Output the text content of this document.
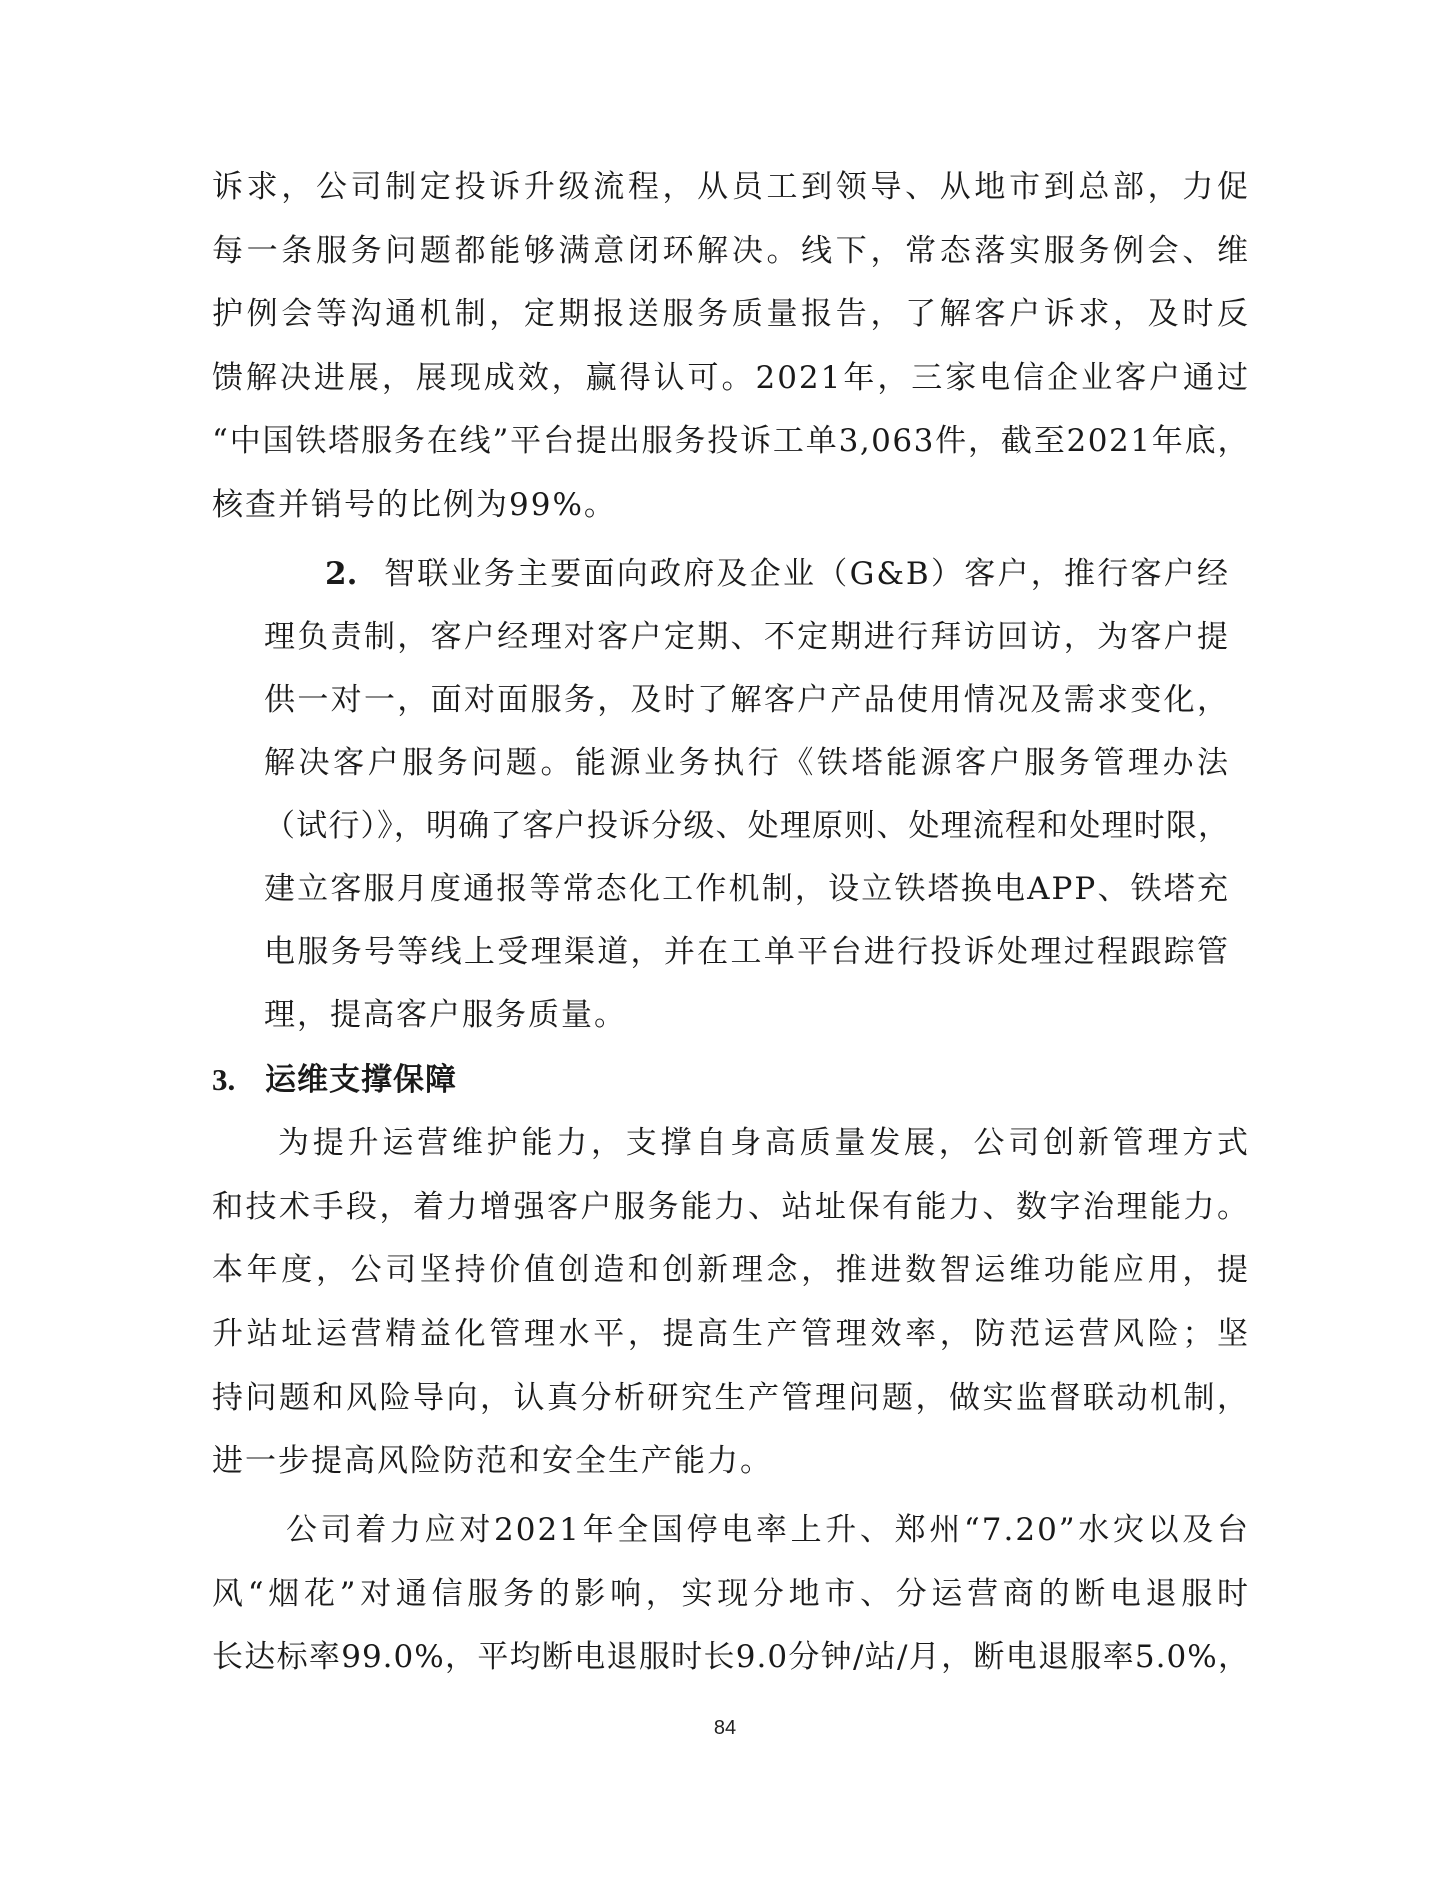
诉求，公司制定投诉升级流程，从员工到领导、从地市到总部，力促
每一条服务问题都能够满意闭环解决。线下，常态落实服务例会、维
护例会等沟通机制，定期报送服务质量报告，了解客户诉求，及时反
馈解决进展，展现成效，赢得认可。2021年，三家电信企业客户通过
“中国铁塔服务在线”平台提出服务投诉工单3,063件，截至2021年底，
核查并销号的比例为99%。
2. 智联业务主要面向政府及企业（G&B）客户，推行客户经
理负责制，客户经理对客户定期、不定期进行拜访回访，为客户提
供一对一，面对面服务，及时了解客户产品使用情况及需求变化，
解决客户服务问题。能源业务执行《铁塔能源客户服务管理办法
（试行）》，明确了客户投诉分级、处理原则、处理流程和处理时限，
建立客服月度通报等常态化工作机制，设立铁塔换电APP、铁塔充
电服务号等线上受理渠道，并在工单平台进行投诉处理过程跟踪管
理，提高客户服务质量。
3. 运维支撑保障
为提升运营维护能力，支撑自身高质量发展，公司创新管理方式
和技术手段，着力增强客户服务能力、站址保有能力、数字治理能力。
本年度，公司坚持价值创造和创新理念，推进数智运维功能应用，提
升站址运营精益化管理水平，提高生产管理效率，防范运营风险；坚
持问题和风险导向，认真分析研究生产管理问题，做实监督联动机制，
进一步提高风险防范和安全生产能力。
公司着力应对2021年全国停电率上升、郑州“7.20”水灾以及台
风“烟花”对通信服务的影响，实现分地市、分运营商的断电退服时
长达标率99.0%，平均断电退服时长9.0分钟/站/月，断电退服率5.0%，
84
